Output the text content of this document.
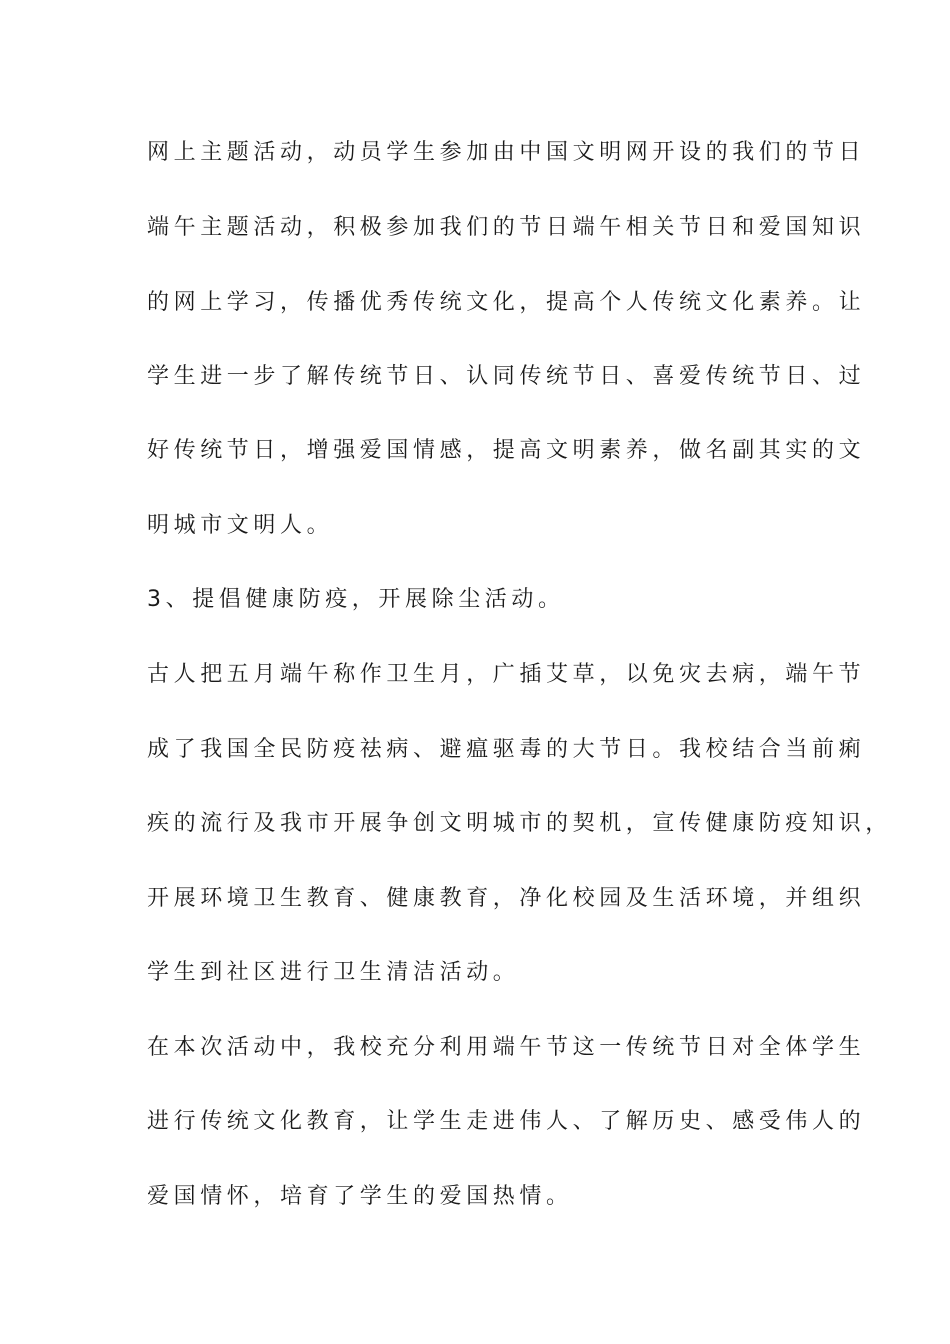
网上主题活动，动员学生参加由中国文明网开设的我们的节日

端午主题活动，积极参加我们的节日端午相关节日和爱国知识

的网上学习，传播优秀传统文化，提高个人传统文化素养。让

学生进一步了解传统节日、认同传统节日、喜爱传统节日、过

好传统节日，增强爱国情感，提高文明素养，做名副其实的文

明城市文明人。

3、提倡健康防疫，开展除尘活动。

古人把五月端午称作卫生月，广插艾草，以免灾去病，端午节

成了我国全民防疫祛病、避瘟驱毒的大节日。我校结合当前痢

疾的流行及我市开展争创文明城市的契机，宣传健康防疫知识，

开展环境卫生教育、健康教育，净化校园及生活环境，并组织

学生到社区进行卫生清洁活动。

在本次活动中，我校充分利用端午节这一传统节日对全体学生

进行传统文化教育，让学生走进伟人、了解历史、感受伟人的

爱国情怀，培育了学生的爱国热情。
